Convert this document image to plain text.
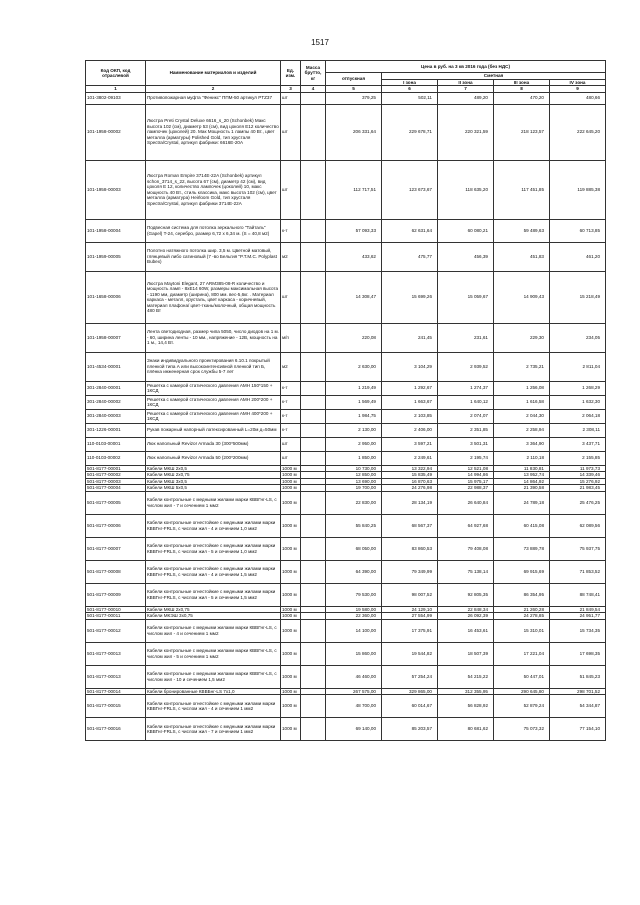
1517
Код ОКП, код отраслевой	Наименование материалов и изделий	Ед. изм.	Масса брутто, кг	Цена в руб. на 3 кв 2016 года (без НДС)				
				отпускная	Сметная			
					I зона	II зона	III зона	IV зона
1	2	3	4	5	6	7	8	9
101-3802-09103	Противопожарная муфта "Феникс" ППМ-50 артикул PTZ37	шт		379,25	502,11	489,20	470,20	480,66
101-1958-00002	Люстра Preti Crystal Deluxe 6616_s_20 (Schonbek) Макс высота 102 (см), диаметр 53 (см), вид цоколя E12 количество лампочек (цоколей) 20. Мак Мощность 1 лампы 40 Вт., цвет металла (арматуры) Polished Gold, тип хрусталя Spectra/Crystal, артикул фабрики: 6616E-20A	шт		206 331,64	229 678,71	220 321,59	218 123,57	222 645,20
101-1958-00003	Люстра Roman Empire 3714E-22A (Schonbek) артикул schon_3714_s_22, высота 67 (см), диаметр 42 (см), вид цоколя E 12, количество лампочек (цоколей) 10, макс мощность 40 Вт., стиль классика, макс высота 102 (см), цвет металла (арматура) Heirloom Gold, тип хрусталя Spectra/Crystal, артикул фабрики 3714E-22A	шт		112 717,51	123 673,67	118 635,20	117 451,85	119 885,38
101-1958-00004	Подвесная система для потолка зеркального "Тайталь" (Gapel) T-24, серебро, размер 6,72 х 6,34 м. (S = 40,8 м2)	к-т		57 093,33	62 631,64	60 080,21	59 489,63	60 713,85
101-1959-00005	Полотно натяжного потолка шир. 3,5 м. Цветной матовый, глянцевый либо сатиновый (7 -во Бельгия "P.T.M.C. Polyplast Bubex)	м2		433,62	475,77	456,39	451,83	461,20
101-1658-00006	Люстра Maytoni Elegant, 27 ARM385-08-R количество и мощность ламп - 8хЕ14 60W, размеры максимальная высота - 1190 мм, диаметр (ширина), 800 мм. вес-5,6кг. . Материал каркаса - металл, хрусталь, цвет каркаса - коричневый, материал плафона/ цвет-ткань/молочный, общая мощность 480 Вт	шт		14 308,47	15 699,26	15 059,67	14 909,43	15 218,49
101-1958-00007	Лента светодиодная, размер чипа 5050, число диодов на 1 м. - 60, ширина ленты - 10 мм., напряжение - 12В, мощность на 1 м., 14,4 Вт.	м/п		220,08	241,45	231,61	229,30	234,05
101-4534-00001	Знаки индивидуального проектирования 6.10.1 покрытый пленкой типа А или высокоинтенсивной пленкой тип Б, плёнка инженерная срок службы 5-7 лет	м2		2 630,00	3 104,29	2 939,52	2 735,21	2 811,04
301-2840-00001	Решетка с камерой статического давления АМН 150*150 + 1КСД	к-т		1 219,49	1 292,67	1 274,37	1 256,08	1 268,29
301-2840-00002	Решетка с камерой статического давления АМН 200*200 + 1КСД	к-т		1 569,49	1 663,67	1 640,12	1 616,58	1 632,30
301-2840-00003	Решетка с камерой статического давления АМН 400*200 + 1КСД	к-т		1 984,75	2 103,85	2 074,07	2 044,30	2 064,18
301-1226-00001	Рукав пожарный напорный латексированный L=20м д=50мм	к-т		2 130,00	2 406,00	2 351,85	2 258,94	2 308,11
110-0103-00001	Люк напольный Revizor Armada 30 (300*500мм)	шт		2 950,00	3 597,21	3 501,31	3 364,90	3 437,71
110-0103-00002	Люк напольный Revizor Armada 50 (200*200мм)	шт		1 850,00	2 249,61	2 195,74	2 110,18	2 155,85
501-8177-00001	Кабели МКШ 2х0,5	1000 м		10 730,00	13 322,94	12 521,08	11 830,81	11 973,73
501-8177-00002	Кабели МКШ 2х0,75	1000 м		12 850,00	15 835,49	14 994,86	13 952,74	14 339,46
501-8177-00003	Кабели МКШ 3х0,5	1000 м		13 690,00	16 870,63	15 975,17	14 864,92	15 276,92
501-8177-00004	Кабели МКШ 5х0,5	1000 м		19 700,00	24 276,98	22 988,37	21 390,58	21 983,45
501-8177-00005	Кабели контрольные с медными жилами марки КВВГнг-LS, с числом жил - 7 и сечением 1 мм2	1000 м		22 830,00	28 134,19	26 640,84	24 789,18	25 476,25
501-8177-00006	Кабели контрольные огнестойкие с медными жилами марки КВВГнг-FRLS, с числом жил - 4 и сечением 1,0 мм2	1000 м		55 840,25	68 567,37	64 927,68	60 415,08	62 089,56
501-8177-00007	Кабели контрольные огнестойкие с медными жилами марки КВВГнг-FRLS, с числом жил - 5 и сечением 1,0 мм2	1000 м		68 050,00	83 860,53	79 408,08	73 889,78	75 937,75
501-8177-00008	Кабели контрольные огнестойкие с медными жилами марки КВВГнг-FRLS, с числом жил - 4 и сечением 1,5 мм2	1000 м		64 390,00	79 349,99	75 138,14	69 915,69	71 853,52
501-8177-00009	Кабели контрольные огнестойкие с медными жилами марки КВВГнг-FRLS, с числом жил - 5 и сечением 1,5 мм2	1000 м		79 530,00	98 007,52	92 805,35	86 354,95	88 748,41
501-8177-00010	Кабели МКШ 2х0,75	1000 м		19 580,00	24 129,10	22 848,34	21 260,28	21 849,54
501-8177-00011	Кабели МКЭШ 3х0,75	1000 м		22 360,00	27 554,99	26 092,39	24 278,85	24 951,77
501-8177-00012	Кабели контрольные с медными жилами марки КВВГнг-LS, с числом жил - 4 и сечением 1 мм2	1000 м		14 100,00	17 375,91	16 453,61	15 310,01	15 734,35
501-8177-00013	Кабели контрольные с медными жилами марки КВВГнг-LS, с числом жил - 5 и сечением 1 мм2	1000 м		15 860,00	19 544,82	18 507,39	17 221,04	17 698,35
501-8177-00013	Кабели контрольные с медными жилами марки КВВГнг-LS, с числом жил - 10 и сечением 1,5 мм2	1000 м		46 460,00	57 254,24	54 215,22	50 447,01	51 845,23
501-8177-00014	Кабели бронированные КВВБнг-LS 7х1,0	1000 м		267 575,00	329 865,00	312 355,95	290 645,80	298 701,52
501-8177-00015	Кабели контрольные огнестойкие с медными жилами марки КВВГнг-FRLS, с числом жил - 4 и сечением 1 мм2	1000 м		48 700,00	60 014,67	56 828,92	52 879,24	54 344,87
501-8177-00016	Кабели контрольные огнестойкие с медными жилами марки КВВГнг-FRLS, с числом жил - 7 и сечением 1 мм2	1000 м		69 140,00	85 203,57	80 681,62	75 073,32	77 154,10
